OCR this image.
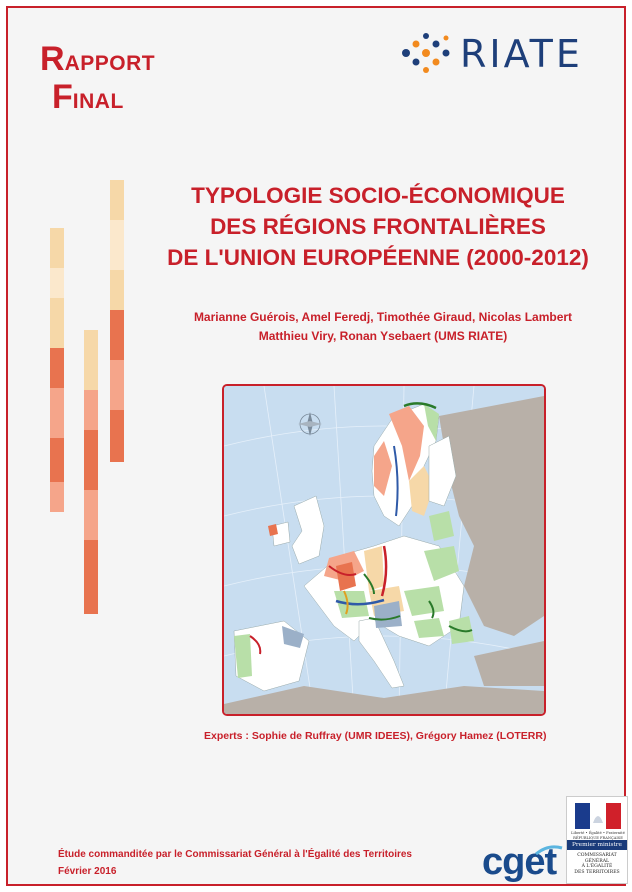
RAPPORT
FINAL
RIATE
TYPOLOGIE SOCIO-ÉCONOMIQUE
DES RÉGIONS FRONTALIÈRES
DE L'UNION EUROPÉENNE (2000-2012)
Marianne Guérois, Amel Feredj, Timothée Giraud, Nicolas Lambert
Matthieu Viry, Ronan Ysebaert (UMS RIATE)
Experts : Sophie de Ruffray (UMR IDEES), Grégory Hamez (LOTERR)
Étude commanditée par le Commissariat Général à l'Égalité des Territoires
Février 2016	cget
Liberté • Égalité • Fraternité
RÉPUBLIQUE FRANÇAISE
Premier ministre
COMMISSARIAT
GÉNÉRAL
À L'ÉGALITÉ
DES TERRITOIRES
